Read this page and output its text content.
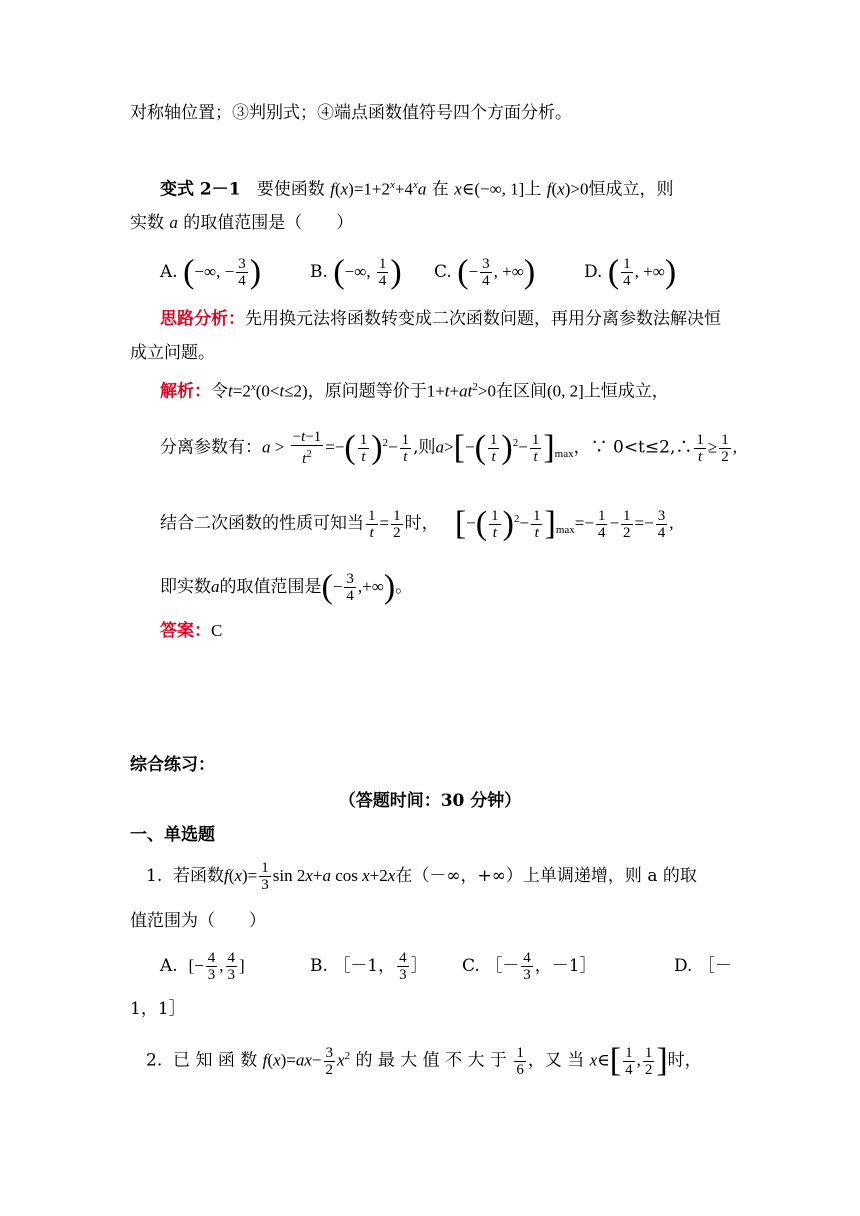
对称轴位置；③判别式；④端点函数值符号四个方面分析。
变式 2－1 要使函数 $f(x)=1+2^x+4^xa$ 在 x∈(−∞, 1]上 f(x)>0恒成立，则
实数 a 的取值范围是（　　）
A. (−∞, − $\frac{3}{4}$ )	B. (−∞, $\frac{1}{4}$ ) C. (− $\frac{3}{4}$ , +∞)	D. ( $\frac{1}{4}$ , +∞)
思路分析：先用换元法将函数转变成二次函数问题，再用分离参数法解决恒
成立问题。
解析：令$t=2^x(0<t\le 2)$，原问题等价于$1+t+at^2>0$在区间(0, 2]上恒成立，
分离参数有：$a > \frac{-t-1}{t^2}$ =−( $\frac{1}{t} )^2- \frac{1}{t}$ ,则$a>[-( \frac{1}{t} )^2- \frac{1}{t} ]_{max}$，∵ 0<t≤2,∴ $\frac{1}{t} \ge \frac{1}{2}$ ,
结合二次函数的性质可知当 $\frac{1}{t} = \frac{1}{2}$ 时， [−( $\frac{1}{t} )^2- \frac{1}{t} ]_{max}=- \frac{1}{4} - \frac{1}{2} =- \frac{3}{4}$ ,
即实数a的取值范围是(− $\frac{3}{4}$ ,+∞)。
答案：C
综合练习：
（答题时间：30 分钟）
一、单选题
1. 若函数$f(x)= \frac{1}{3}$ sin 2x+a cos x+2x在（－∞，+∞）上单调递增，则 a 的取
值范围为（　　）
A.  [− $\frac{4}{3}$ , $\frac{4}{3}$ ]	B. ［－1， $\frac{4}{3}$ ］ C. ［－ $\frac{4}{3}$ ，－1］	D. ［－
1，1］
2. 已 知 函 数 $f(x)=ax- \frac{3}{2} x^2$ 的 最 大 值 不 大 于 $\frac{1}{6}$ ，又 当 x∈[ $\frac{1}{4}$ , $\frac{1}{2}$ ]时，
